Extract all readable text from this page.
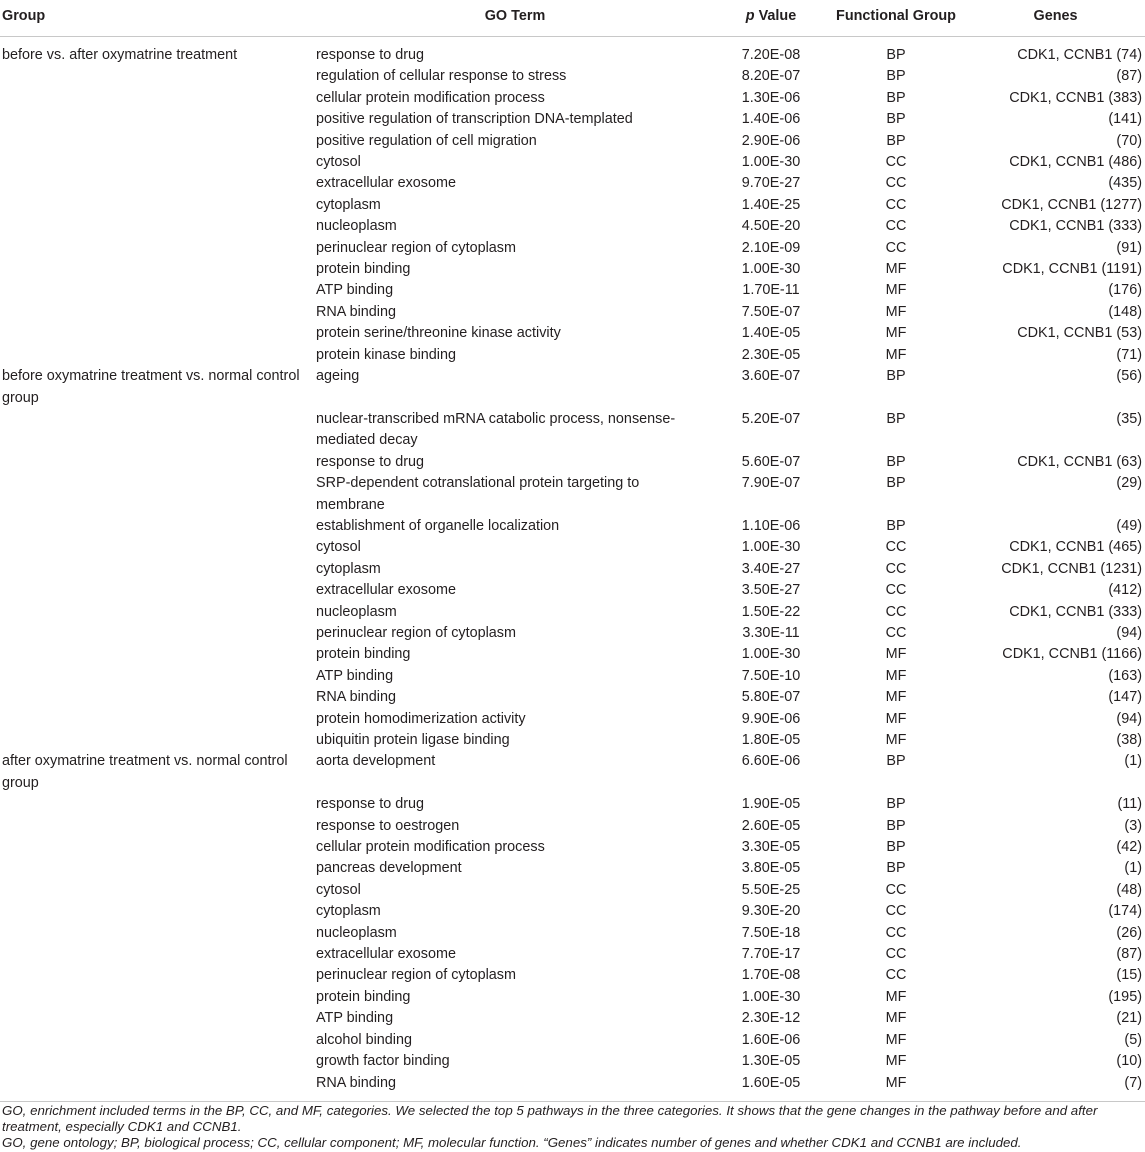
Group	GO Term	p Value	Functional Group	Genes
before vs. after oxymatrine treatment	response to drug	7.20E-08	BP	CDK1, CCNB1 (74)
	regulation of cellular response to stress	8.20E-07	BP	(87)
	cellular protein modification process	1.30E-06	BP	CDK1, CCNB1 (383)
	positive regulation of transcription DNA-templated	1.40E-06	BP	(141)
	positive regulation of cell migration	2.90E-06	BP	(70)
	cytosol	1.00E-30	CC	CDK1, CCNB1 (486)
	extracellular exosome	9.70E-27	CC	(435)
	cytoplasm	1.40E-25	CC	CDK1, CCNB1 (1277)
	nucleoplasm	4.50E-20	CC	CDK1, CCNB1 (333)
	perinuclear region of cytoplasm	2.10E-09	CC	(91)
	protein binding	1.00E-30	MF	CDK1, CCNB1 (1191)
	ATP binding	1.70E-11	MF	(176)
	RNA binding	7.50E-07	MF	(148)
	protein serine/threonine kinase activity	1.40E-05	MF	CDK1, CCNB1 (53)
	protein kinase binding	2.30E-05	MF	(71)
before oxymatrine treatment vs. normal control group	ageing	3.60E-07	BP	(56)
	nuclear-transcribed mRNA catabolic process, nonsense-mediated decay	5.20E-07	BP	(35)
	response to drug	5.60E-07	BP	CDK1, CCNB1 (63)
	SRP-dependent cotranslational protein targeting to membrane	7.90E-07	BP	(29)
	establishment of organelle localization	1.10E-06	BP	(49)
	cytosol	1.00E-30	CC	CDK1, CCNB1 (465)
	cytoplasm	3.40E-27	CC	CDK1, CCNB1 (1231)
	extracellular exosome	3.50E-27	CC	(412)
	nucleoplasm	1.50E-22	CC	CDK1, CCNB1 (333)
	perinuclear region of cytoplasm	3.30E-11	CC	(94)
	protein binding	1.00E-30	MF	CDK1, CCNB1 (1166)
	ATP binding	7.50E-10	MF	(163)
	RNA binding	5.80E-07	MF	(147)
	protein homodimerization activity	9.90E-06	MF	(94)
	ubiquitin protein ligase binding	1.80E-05	MF	(38)
after oxymatrine treatment vs. normal control group	aorta development	6.60E-06	BP	(1)
	response to drug	1.90E-05	BP	(11)
	response to oestrogen	2.60E-05	BP	(3)
	cellular protein modification process	3.30E-05	BP	(42)
	pancreas development	3.80E-05	BP	(1)
	cytosol	5.50E-25	CC	(48)
	cytoplasm	9.30E-20	CC	(174)
	nucleoplasm	7.50E-18	CC	(26)
	extracellular exosome	7.70E-17	CC	(87)
	perinuclear region of cytoplasm	1.70E-08	CC	(15)
	protein binding	1.00E-30	MF	(195)
	ATP binding	2.30E-12	MF	(21)
	alcohol binding	1.60E-06	MF	(5)
	growth factor binding	1.30E-05	MF	(10)
	RNA binding	1.60E-05	MF	(7)

GO, enrichment included terms in the BP, CC, and MF, categories. We selected the top 5 pathways in the three categories. It shows that the gene changes in the pathway before and after treatment, especially CDK1 and CCNB1.

GO, gene ontology; BP, biological process; CC, cellular component; MF, molecular function. “Genes” indicates number of genes and whether CDK1 and CCNB1 are included.
